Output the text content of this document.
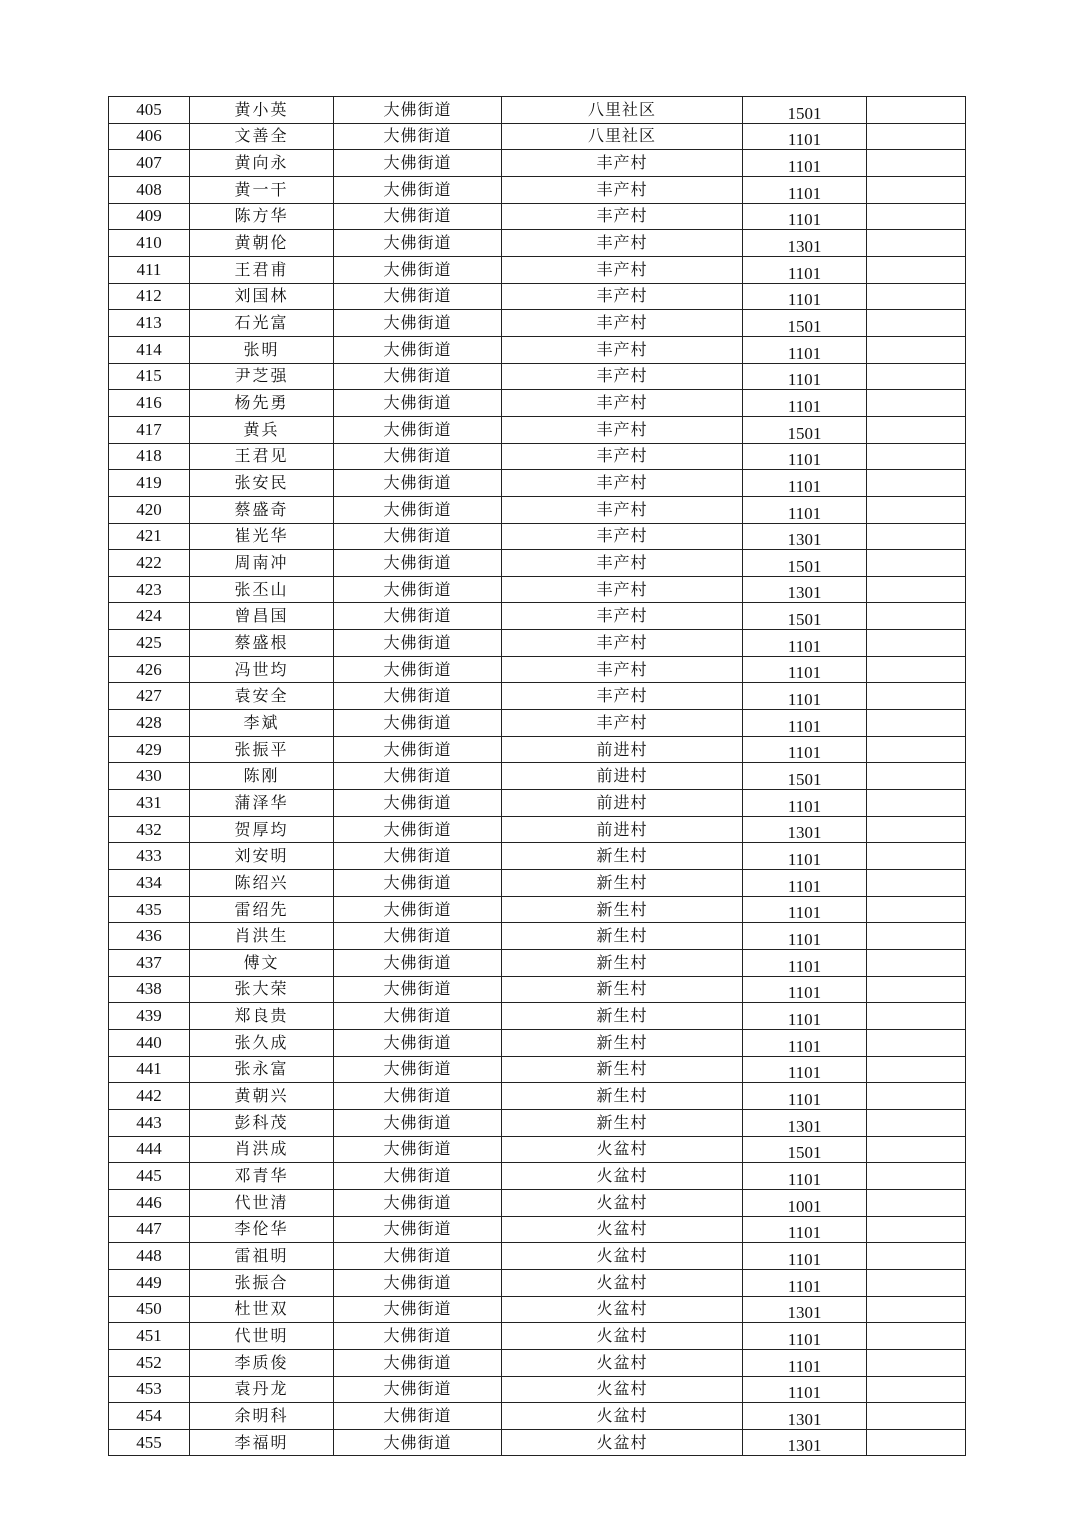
405	黄小英	大佛街道	八里社区	1501	
406	文善全	大佛街道	八里社区	1101	
407	黄向永	大佛街道	丰产村	1101	
408	黄一干	大佛街道	丰产村	1101	
409	陈方华	大佛街道	丰产村	1101	
410	黄朝伦	大佛街道	丰产村	1301	
411	王君甫	大佛街道	丰产村	1101	
412	刘国林	大佛街道	丰产村	1101	
413	石光富	大佛街道	丰产村	1501	
414	张明	大佛街道	丰产村	1101	
415	尹芝强	大佛街道	丰产村	1101	
416	杨先勇	大佛街道	丰产村	1101	
417	黄兵	大佛街道	丰产村	1501	
418	王君见	大佛街道	丰产村	1101	
419	张安民	大佛街道	丰产村	1101	
420	蔡盛奇	大佛街道	丰产村	1101	
421	崔光华	大佛街道	丰产村	1301	
422	周南冲	大佛街道	丰产村	1501	
423	张丕山	大佛街道	丰产村	1301	
424	曾昌国	大佛街道	丰产村	1501	
425	蔡盛根	大佛街道	丰产村	1101	
426	冯世均	大佛街道	丰产村	1101	
427	袁安全	大佛街道	丰产村	1101	
428	李斌	大佛街道	丰产村	1101	
429	张振平	大佛街道	前进村	1101	
430	陈刚	大佛街道	前进村	1501	
431	蒲泽华	大佛街道	前进村	1101	
432	贺厚均	大佛街道	前进村	1301	
433	刘安明	大佛街道	新生村	1101	
434	陈绍兴	大佛街道	新生村	1101	
435	雷绍先	大佛街道	新生村	1101	
436	肖洪生	大佛街道	新生村	1101	
437	傅文	大佛街道	新生村	1101	
438	张大荣	大佛街道	新生村	1101	
439	郑良贵	大佛街道	新生村	1101	
440	张久成	大佛街道	新生村	1101	
441	张永富	大佛街道	新生村	1101	
442	黄朝兴	大佛街道	新生村	1101	
443	彭科茂	大佛街道	新生村	1301	
444	肖洪成	大佛街道	火盆村	1501	
445	邓青华	大佛街道	火盆村	1101	
446	代世清	大佛街道	火盆村	1001	
447	李伦华	大佛街道	火盆村	1101	
448	雷祖明	大佛街道	火盆村	1101	
449	张振合	大佛街道	火盆村	1101	
450	杜世双	大佛街道	火盆村	1301	
451	代世明	大佛街道	火盆村	1101	
452	李质俊	大佛街道	火盆村	1101	
453	袁丹龙	大佛街道	火盆村	1101	
454	余明科	大佛街道	火盆村	1301	
455	李福明	大佛街道	火盆村	1301	
